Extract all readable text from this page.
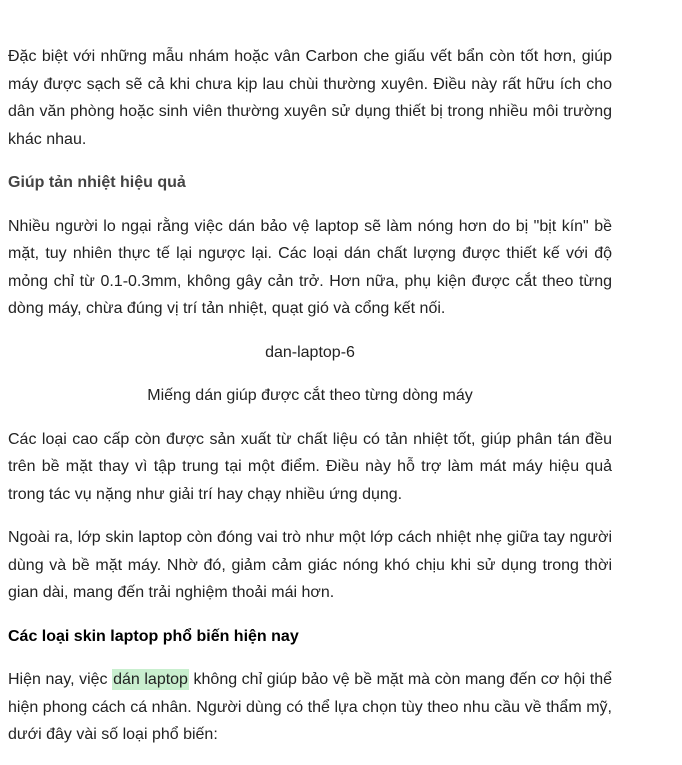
Đặc biệt với những mẫu nhám hoặc vân Carbon che giấu vết bẩn còn tốt hơn, giúp máy được sạch sẽ cả khi chưa kịp lau chùi thường xuyên. Điều này rất hữu ích cho dân văn phòng hoặc sinh viên thường xuyên sử dụng thiết bị trong nhiều môi trường khác nhau.

Giúp tản nhiệt hiệu quả

Nhiều người lo ngại rằng việc dán bảo vệ laptop sẽ làm nóng hơn do bị "bịt kín" bề mặt, tuy nhiên thực tế lại ngược lại. Các loại dán chất lượng được thiết kế với độ mỏng chỉ từ 0.1-0.3mm, không gây cản trở. Hơn nữa, phụ kiện được cắt theo từng dòng máy, chừa đúng vị trí tản nhiệt, quạt gió và cổng kết nối.

dan-laptop-6
Miếng dán giúp được cắt theo từng dòng máy

Các loại cao cấp còn được sản xuất từ chất liệu có tản nhiệt tốt, giúp phân tán đều trên bề mặt thay vì tập trung tại một điểm. Điều này hỗ trợ làm mát máy hiệu quả trong tác vụ nặng như giải trí hay chạy nhiều ứng dụng.

Ngoài ra, lớp skin laptop còn đóng vai trò như một lớp cách nhiệt nhẹ giữa tay người dùng và bề mặt máy. Nhờ đó, giảm cảm giác nóng khó chịu khi sử dụng trong thời gian dài, mang đến trải nghiệm thoải mái hơn.

Các loại skin laptop phổ biến hiện nay

Hiện nay, việc dán laptop không chỉ giúp bảo vệ bề mặt mà còn mang đến cơ hội thể hiện phong cách cá nhân. Người dùng có thể lựa chọn tùy theo nhu cầu về thẩm mỹ, dưới đây vài số loại phổ biến:
